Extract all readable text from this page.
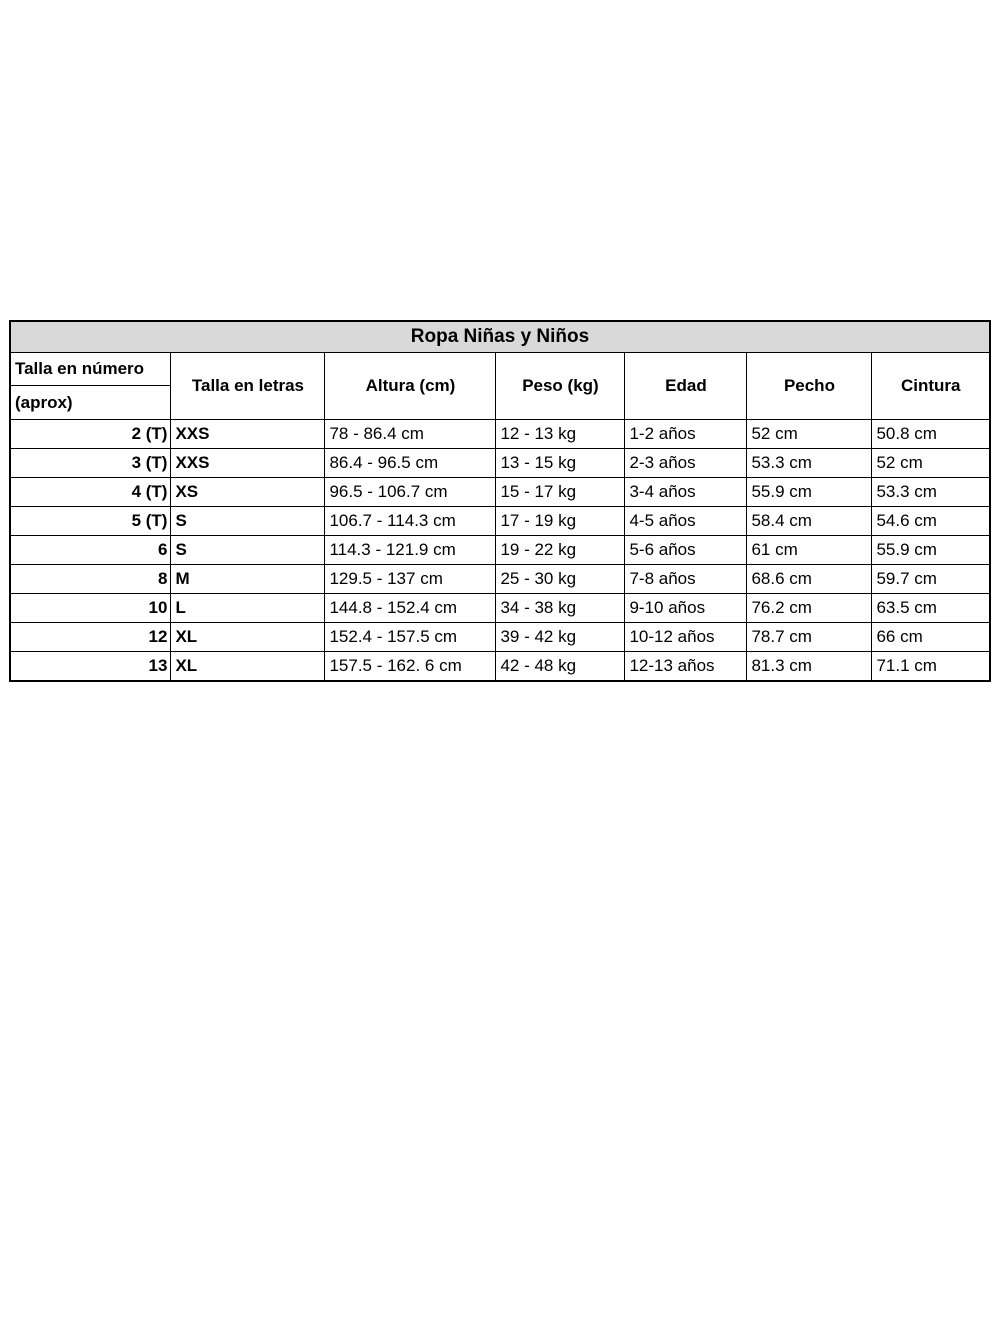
Ropa Niñas y Niños						

Talla en número
(aprox)	Talla en letras	Altura (cm)	Peso (kg)	Edad	Pecho	Cintura
2 (T)	XXS	78 - 86.4 cm	12 - 13 kg	1-2 años	52 cm	50.8 cm
3 (T)	XXS	86.4 - 96.5 cm	13 - 15 kg	2-3 años	53.3 cm	52 cm
4 (T)	XS	96.5 - 106.7 cm	15 - 17 kg	3-4 años	55.9 cm	53.3 cm
5 (T)	S	106.7 - 114.3 cm	17 - 19 kg	4-5 años	58.4 cm	54.6 cm
6	S	114.3 - 121.9 cm	19 - 22 kg	5-6 años	61 cm	55.9 cm
8	M	129.5 - 137 cm	25 - 30 kg	7-8 años	68.6 cm	59.7 cm
10	L	144.8 - 152.4 cm	34 - 38 kg	9-10 años	76.2 cm	63.5 cm
12	XL	152.4 - 157.5 cm	39 - 42 kg	10-12 años	78.7 cm	66 cm
13	XL	157.5 - 162. 6 cm	42 - 48 kg	12-13 años	81.3 cm	71.1 cm
